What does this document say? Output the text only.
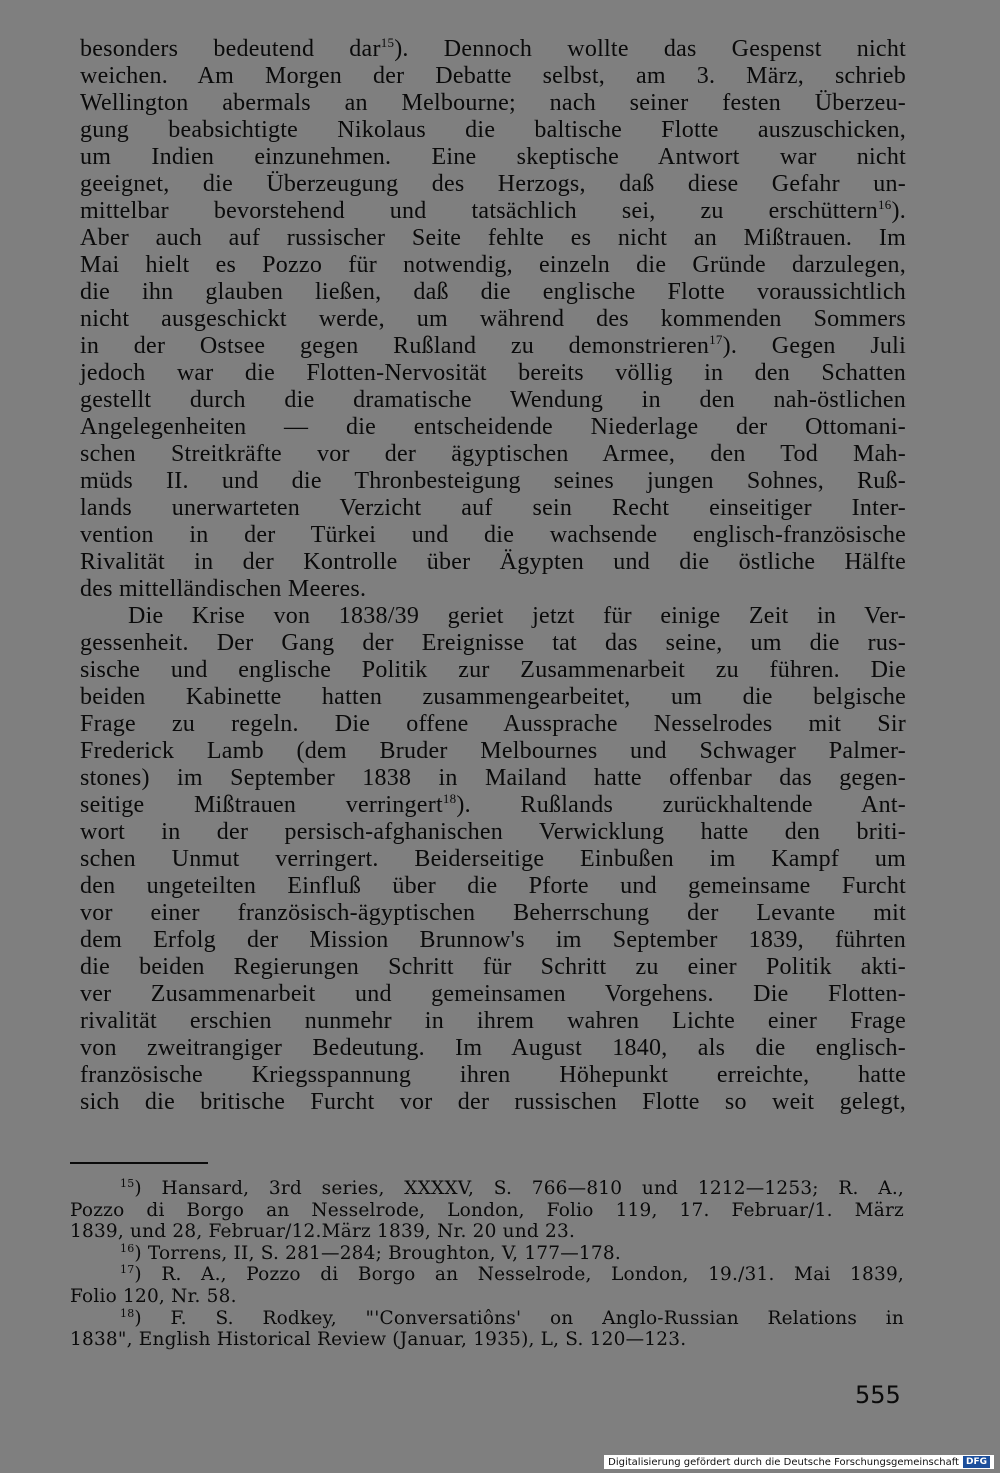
besonders bedeutend dar$^{15}$). Dennoch wollte das Gespenst nicht
weichen. Am Morgen der Debatte selbst, am 3. März, schrieb
Wellington abermals an Melbourne; nach seiner festen Überzeu-
gung beabsichtigte Nikolaus die baltische Flotte auszuschicken,
um Indien einzunehmen. Eine skeptische Antwort war nicht
geeignet, die Überzeugung des Herzogs, daß diese Gefahr un-
mittelbar bevorstehend und tatsächlich sei, zu erschüttern$^{16}$).
Aber auch auf russischer Seite fehlte es nicht an Mißtrauen. Im
Mai hielt es Pozzo für notwendig, einzeln die Gründe darzulegen,
die ihn glauben ließen, daß die englische Flotte voraussichtlich
nicht ausgeschickt werde, um während des kommenden Sommers
in der Ostsee gegen Rußland zu demonstrieren$^{17}$). Gegen Juli
jedoch war die Flotten-Nervosität bereits völlig in den Schatten
gestellt durch die dramatische Wendung in den nah-östlichen
Angelegenheiten — die entscheidende Niederlage der Ottomani-
schen Streitkräfte vor der ägyptischen Armee, den Tod Mah-
müds II. und die Thronbesteigung seines jungen Sohnes, Ruß-
lands unerwarteten Verzicht auf sein Recht einseitiger Inter-
vention in der Türkei und die wachsende englisch-französische
Rivalität in der Kontrolle über Ägypten und die östliche Hälfte
des mittelländischen Meeres.
Die Krise von 1838/39 geriet jetzt für einige Zeit in Ver-
gessenheit. Der Gang der Ereignisse tat das seine, um die rus-
sische und englische Politik zur Zusammenarbeit zu führen. Die
beiden Kabinette hatten zusammengearbeitet, um die belgische
Frage zu regeln. Die offene Aussprache Nesselrodes mit Sir
Frederick Lamb (dem Bruder Melbournes und Schwager Palmer-
stones) im September 1838 in Mailand hatte offenbar das gegen-
seitige Mißtrauen verringert$^{18}$). Rußlands zurückhaltende Ant-
wort in der persisch-afghanischen Verwicklung hatte den briti-
schen Unmut verringert. Beiderseitige Einbußen im Kampf um
den ungeteilten Einfluß über die Pforte und gemeinsame Furcht
vor einer französisch-ägyptischen Beherrschung der Levante mit
dem Erfolg der Mission Brunnow's im September 1839, führten
die beiden Regierungen Schritt für Schritt zu einer Politik akti-
ver Zusammenarbeit und gemeinsamen Vorgehens. Die Flotten-
rivalität erschien nunmehr in ihrem wahren Lichte einer Frage
von zweitrangiger Bedeutung. Im August 1840, als die englisch-
französische Kriegsspannung ihren Höhepunkt erreichte, hatte
sich die britische Furcht vor der russischen Flotte so weit gelegt,
$^{15}$) Hansard, 3rd series, XXXXV, S. 766—810 und 1212—1253; R. A.,
Pozzo di Borgo an Nesselrode, London, Folio 119, 17. Februar/1. März
1839, und 28, Februar/12.März 1839, Nr. 20 und 23.
$^{16}$) Torrens, II, S. 281—284; Broughton, V, 177—178.
$^{17}$) R. A., Pozzo di Borgo an Nesselrode, London, 19./31. Mai 1839,
Folio 120, Nr. 58.
$^{18}$) F. S. Rodkey, "'Conversatiôns' on Anglo-Russian Relations in
1838", English Historical Review (Januar, 1935), L, S. 120—123.
555
Digitalisierung gefördert durch die Deutsche Forschungsgemeinschaft DFG
